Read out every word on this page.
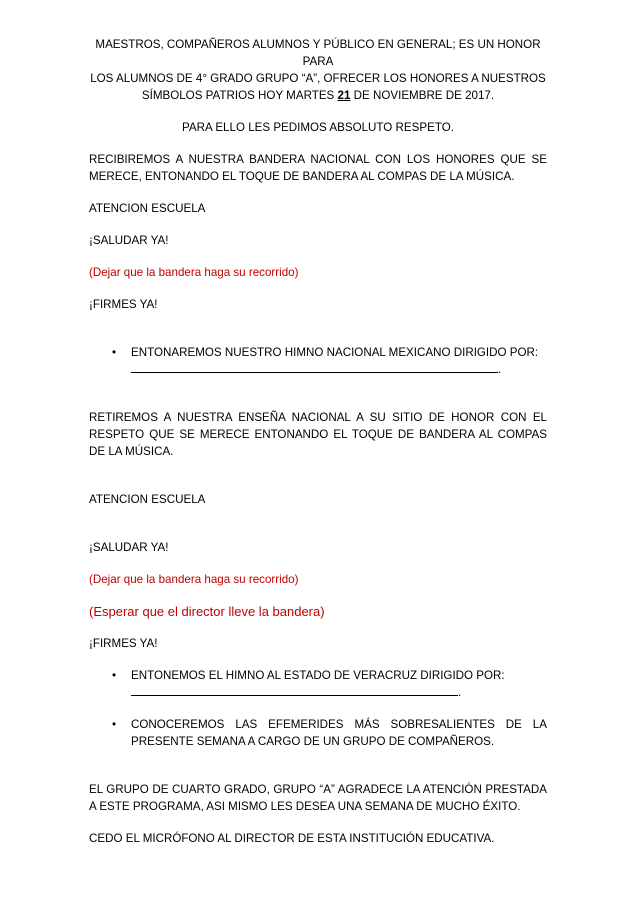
MAESTROS, COMPAÑEROS ALUMNOS Y PÚBLICO EN GENERAL; ES UN HONOR PARA
LOS ALUMNOS DE 4° GRADO GRUPO “A”, OFRECER LOS HONORES A NUESTROS
SÍMBOLOS PATRIOS HOY MARTES 21 DE NOVIEMBRE DE 2017.
PARA ELLO LES PEDIMOS ABSOLUTO RESPETO.
RECIBIREMOS A NUESTRA BANDERA NACIONAL CON LOS HONORES QUE SE MERECE, ENTONANDO EL TOQUE DE BANDERA AL COMPAS DE LA MÚSICA.
ATENCION ESCUELA
¡SALUDAR YA!
(Dejar que la bandera haga su recorrido)
¡FIRMES YA!
• ENTONAREMOS NUESTRO HIMNO NACIONAL MEXICANO DIRIGIDO POR:
.
RETIREMOS A NUESTRA ENSEÑA NACIONAL A SU SITIO DE HONOR CON EL RESPETO QUE SE MERECE ENTONANDO EL TOQUE DE BANDERA AL COMPAS DE LA MÚSICA.
ATENCION ESCUELA
¡SALUDAR YA!
(Dejar que la bandera haga su recorrido)
(Esperar que el director lleve la bandera)
¡FIRMES YA!
• ENTONEMOS EL HIMNO AL ESTADO DE VERACRUZ DIRIGIDO POR:
.
• CONOCEREMOS LAS EFEMERIDES MÁS SOBRESALIENTES DE LA PRESENTE SEMANA A CARGO DE UN GRUPO DE COMPAÑEROS.
EL GRUPO DE CUARTO GRADO, GRUPO “A” AGRADECE LA ATENCIÓN PRESTADA A ESTE PROGRAMA, ASI MISMO LES DESEA UNA SEMANA DE MUCHO ÉXITO.
CEDO EL MICRÓFONO AL DIRECTOR DE ESTA INSTITUCIÓN EDUCATIVA.
